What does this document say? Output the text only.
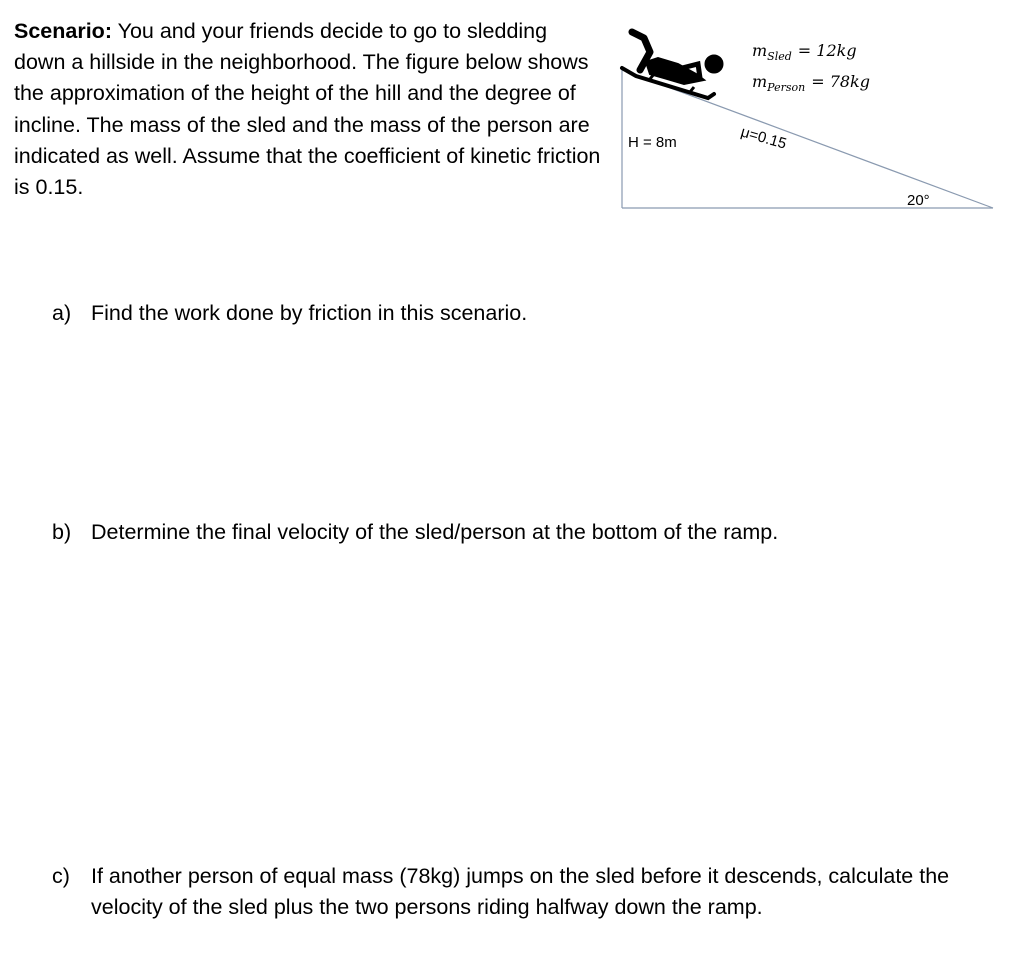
Scenario: You and your friends decide to go to sledding down a hillside in the neighborhood. The figure below shows the approximation of the height of the hill and the degree of incline. The mass of the sled and the mass of the person are indicated as well. Assume that the coefficient of kinetic friction is 0.15.

H = 8m	μ=0.15
20°
$m_{Sled} = 12kg$
$m_{Person} = 78kg$

a) Find the work done by friction in this scenario.

b) Determine the final velocity of the sled/person at the bottom of the ramp.

c) If another person of equal mass (78kg) jumps on the sled before it descends, calculate the velocity of the sled plus the two persons riding halfway down the ramp.
